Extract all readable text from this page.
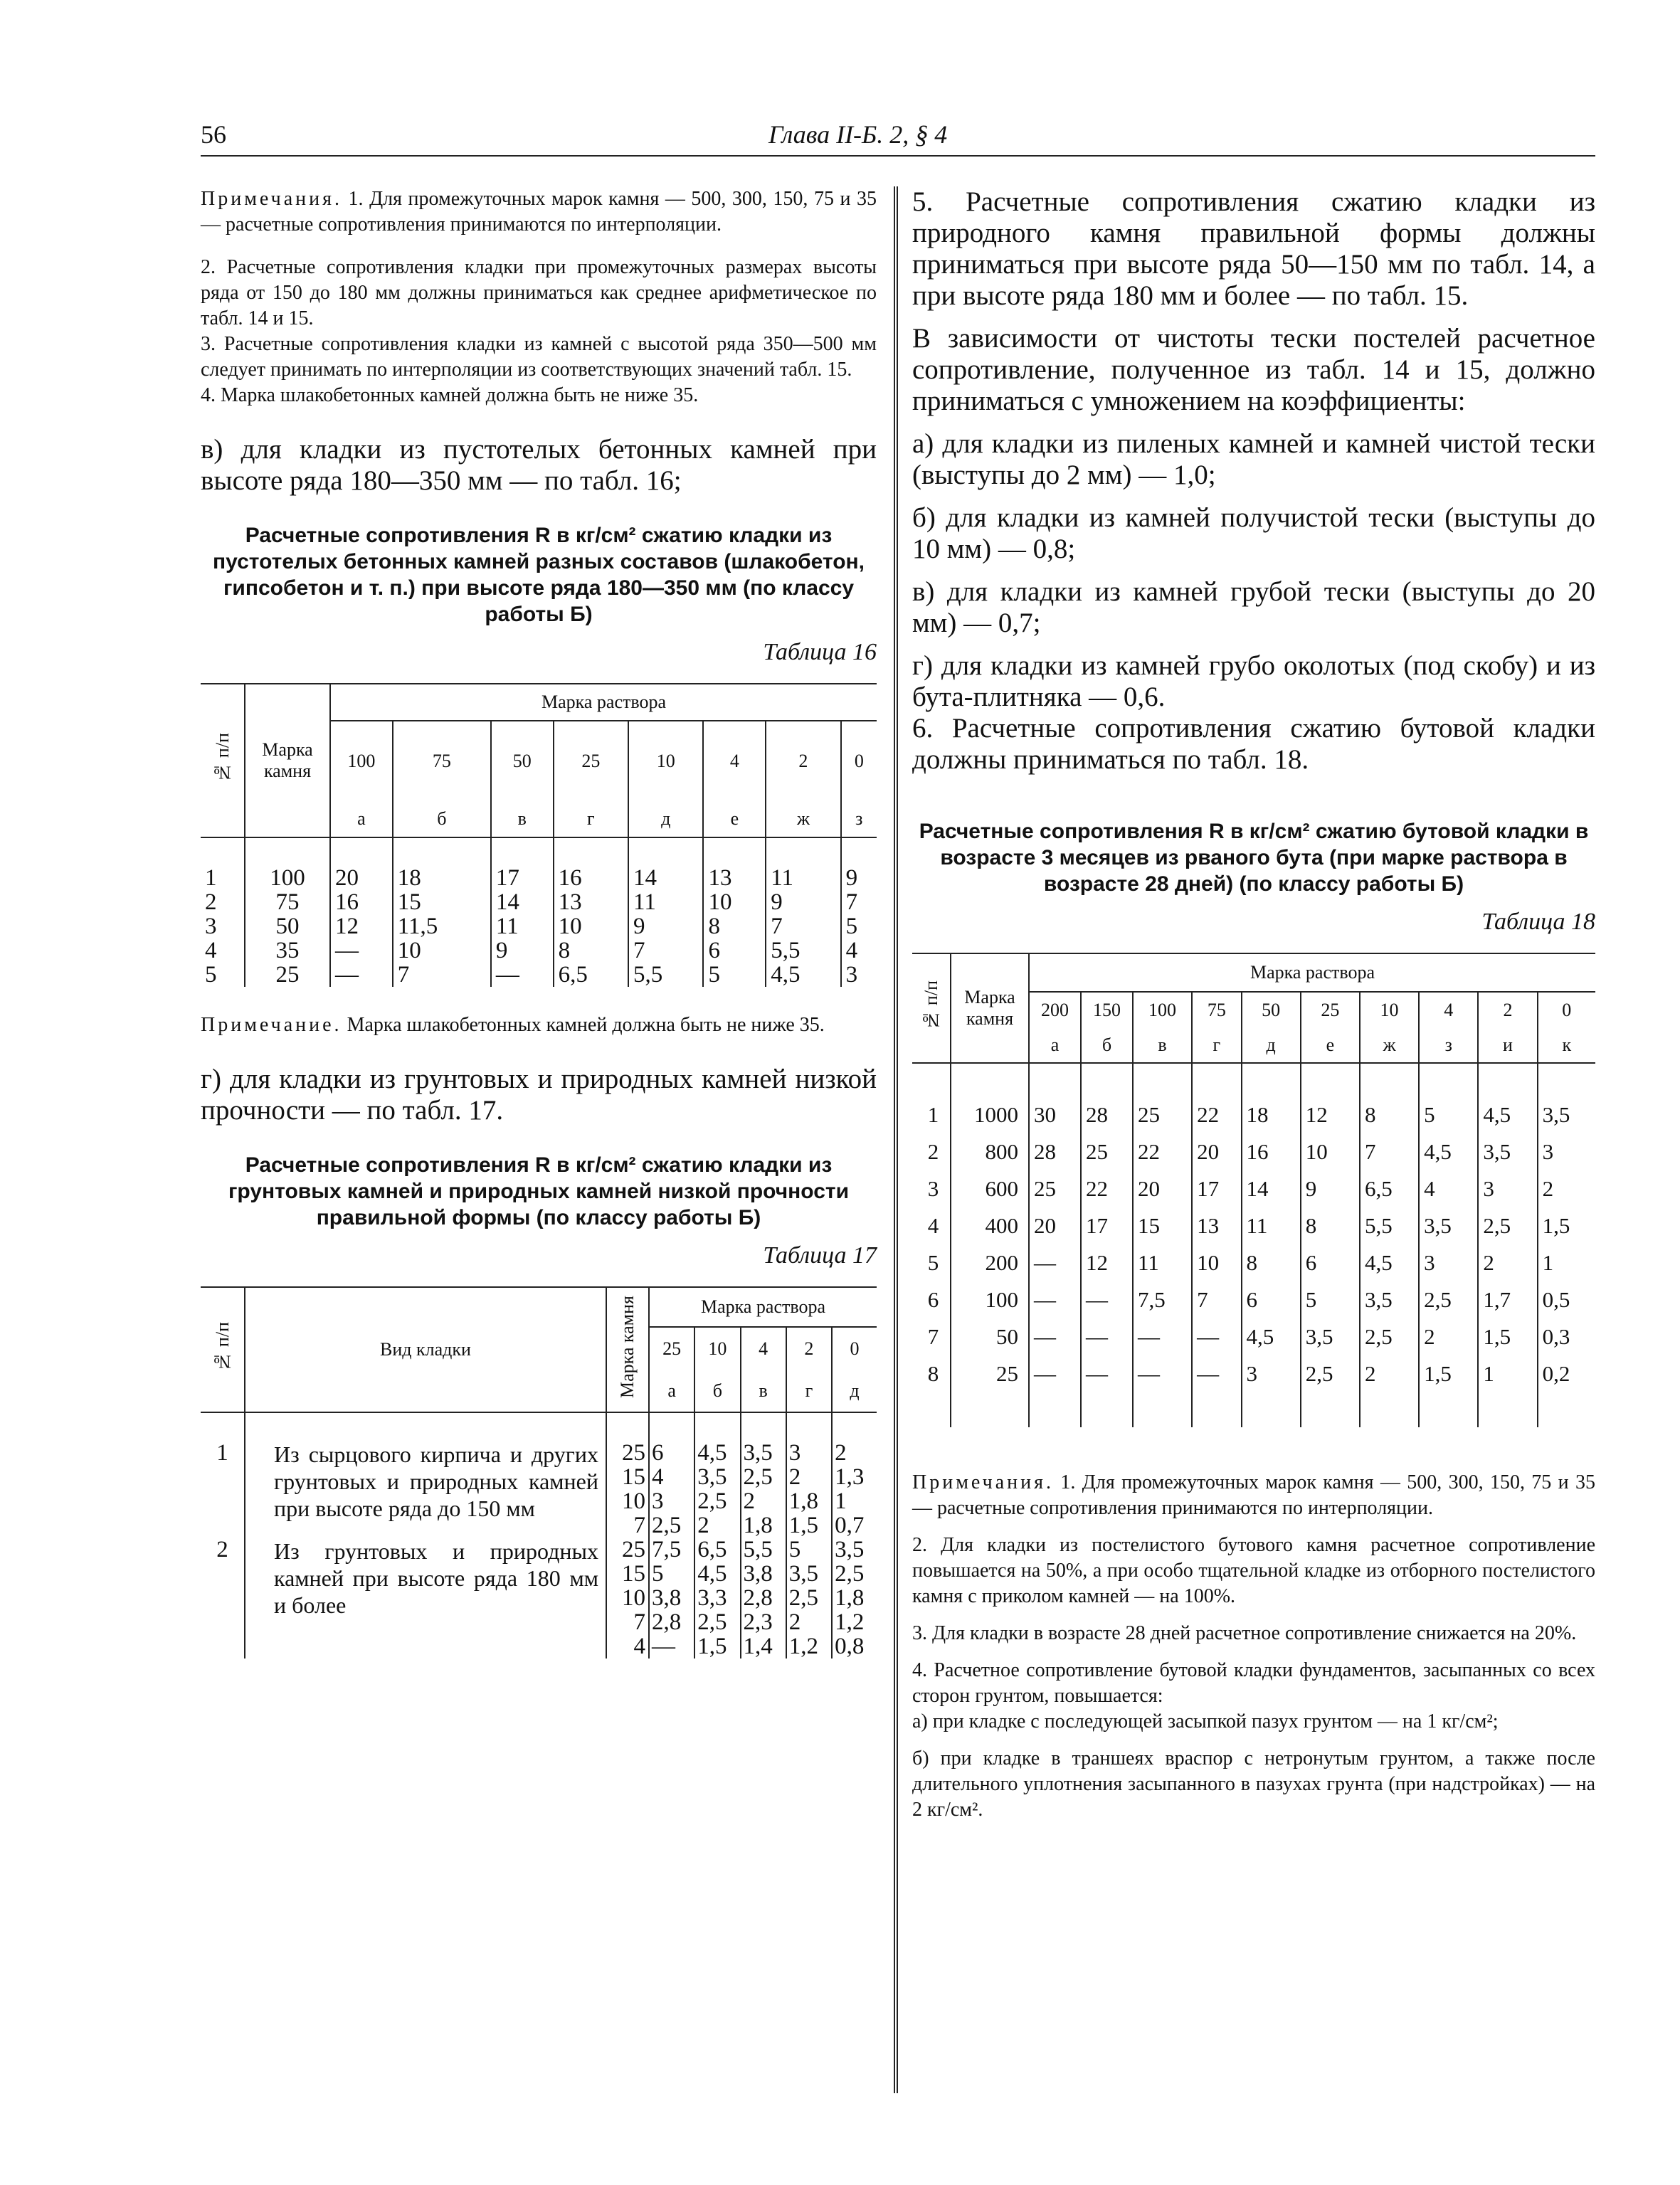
56	Глава II-Б. 2, § 4

Примечания. 1. Для промежуточных марок камня — 500, 300, 150, 75 и 35 — расчетные сопротивления принимаются по интерполяции.

2. Расчетные сопротивления кладки при промежуточных размерах высоты ряда от 150 до 180 мм должны приниматься как среднее арифметическое по табл. 14 и 15.

3. Расчетные сопротивления кладки из камней с высотой ряда 350—500 мм следует принимать по интерполяции из соответствующих значений табл. 15.

4. Марка шлакобетонных камней должна быть не ниже 35.

в) для кладки из пустотелых бетонных камней при высоте ряда 180—350 мм — по табл. 16;

Расчетные сопротивления R в кг/см² сжатию кладки из пустотелых бетонных камней разных составов (шлакобетон, гипсобетон и т. п.) при высоте ряда 180—350 мм (по классу работы Б)

Таблица 16

№ п/п	Марка камня	Марка раствора							
		100	75	50	25	10	4	2	0
		а	б	в	г	д	е	ж	з

1	100	20	18	17	16	14	13	11	9
2	75	16	15	14	13	11	10	9	7
3	50	12	11,5	11	10	9	8	7	5
4	35	—	10	9	8	7	6	5,5	4
5	25	—	7	—	6,5	5,5	5	4,5	3

Примечание. Марка шлакобетонных камней должна быть не ниже 35.

г) для кладки из грунтовых и природных камней низкой прочности — по табл. 17.

Расчетные сопротивления R в кг/см² сжатию кладки из грунтовых камней и природных камней низкой прочности правильной формы (по классу работы Б)

Таблица 17

№ п/п	Вид кладки	Марка камня	Марка раствора				
			25	10	4	2	0
			а	б	в	г	д

1	Из сырцового кирпича и других грунтовых и природных камней при высоте ряда до 150 мм	25	6	4,5	3,5	3	2
		15	4	3,5	2,5	2	1,3
		10	3	2,5	2	1,8	1
		7	2,5	2	1,8	1,5	0,7
2	Из грунтовых и природных камней при высоте ряда 180 мм и более	25	7,5	6,5	5,5	5	3,5
		15	5	4,5	3,8	3,5	2,5
		10	3,8	3,3	2,8	2,5	1,8
		7	2,8	2,5	2,3	2	1,2
		4	—	1,5	1,4	1,2	0,8

5. Расчетные сопротивления сжатию кладки из природного камня правильной формы должны приниматься при высоте ряда 50—150 мм по табл. 14, а при высоте ряда 180 мм и более — по табл. 15.

В зависимости от чистоты тески постелей расчетное сопротивление, полученное из табл. 14 и 15, должно приниматься с умножением на коэффициенты:

а) для кладки из пиленых камней и камней чистой тески (выступы до 2 мм) — 1,0;

б) для кладки из камней получистой тески (выступы до 10 мм) — 0,8;

в) для кладки из камней грубой тески (выступы до 20 мм) — 0,7;

г) для кладки из камней грубо околотых (под скобу) и из бута-плитняка — 0,6.

6. Расчетные сопротивления сжатию бутовой кладки должны приниматься по табл. 18.

Расчетные сопротивления R в кг/см² сжатию бутовой кладки в возрасте 3 месяцев из рваного бута (при марке раствора в возрасте 28 дней) (по классу работы Б)

Таблица 18

№ п/п	Марка камня	Марка раствора									
		200	150	100	75	50	25	10	4	2	0
		а	б	в	г	д	е	ж	з	и	к

1	1000	30	28	25	22	18	12	8	5	4,5	3,5
2	800	28	25	22	20	16	10	7	4,5	3,5	3
3	600	25	22	20	17	14	9	6,5	4	3	2
4	400	20	17	15	13	11	8	5,5	3,5	2,5	1,5
5	200	—	12	11	10	8	6	4,5	3	2	1
6	100	—	—	7,5	7	6	5	3,5	2,5	1,7	0,5
7	50	—	—	—	—	4,5	3,5	2,5	2	1,5	0,3
8	25	—	—	—	—	3	2,5	2	1,5	1	0,2

Примечания. 1. Для промежуточных марок камня — 500, 300, 150, 75 и 35 — расчетные сопротивления принимаются по интерполяции.

2. Для кладки из постелистого бутового камня расчетное сопротивление повышается на 50%, а при особо тщательной кладке из отборного постелистого камня с приколом камней — на 100%.

3. Для кладки в возрасте 28 дней расчетное сопротивление снижается на 20%.

4. Расчетное сопротивление бутовой кладки фундаментов, засыпанных со всех сторон грунтом, повышается:

а) при кладке с последующей засыпкой пазух грунтом — на 1 кг/см²;

б) при кладке в траншеях враспор с нетронутым грунтом, а также после длительного уплотнения засыпанного в пазухах грунта (при надстройках) — на 2 кг/см².
